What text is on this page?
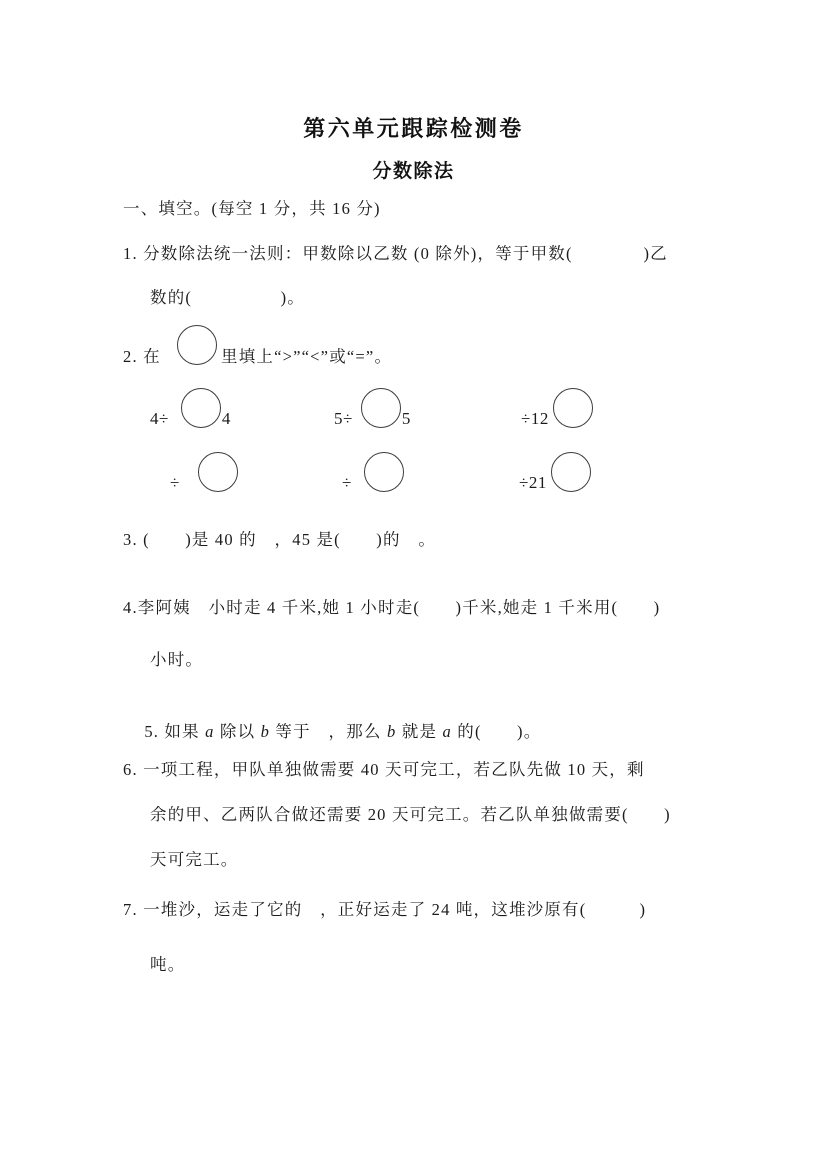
第六单元跟踪检测卷
分数除法
一、填空。(每空 1 分，共 16 分)
1. 分数除法统一法则：甲数除以乙数 (0 除外)，等于甲数(　　　　)乙
数的(　　　　　)。
2. 在	里填上“>”“<”或“=”。
4÷	4	5÷	5	÷12
÷	÷	÷21
3. (　　)是 40 的　，45 是(　　)的　。
4.李阿姨　小时走 4 千米,她 1 小时走(　　)千米,她走 1 千米用(　　)
小时。

5. 如果 a 除以 b 等于　，那么 b 就是 a 的(　　)。

6. 一项工程，甲队单独做需要 40 天可完工，若乙队先做 10 天，剩
余的甲、乙两队合做还需要 20 天可完工。若乙队单独做需要(　　)
天可完工。
7. 一堆沙，运走了它的　，正好运走了 24 吨，这堆沙原有(　　　)
吨。
